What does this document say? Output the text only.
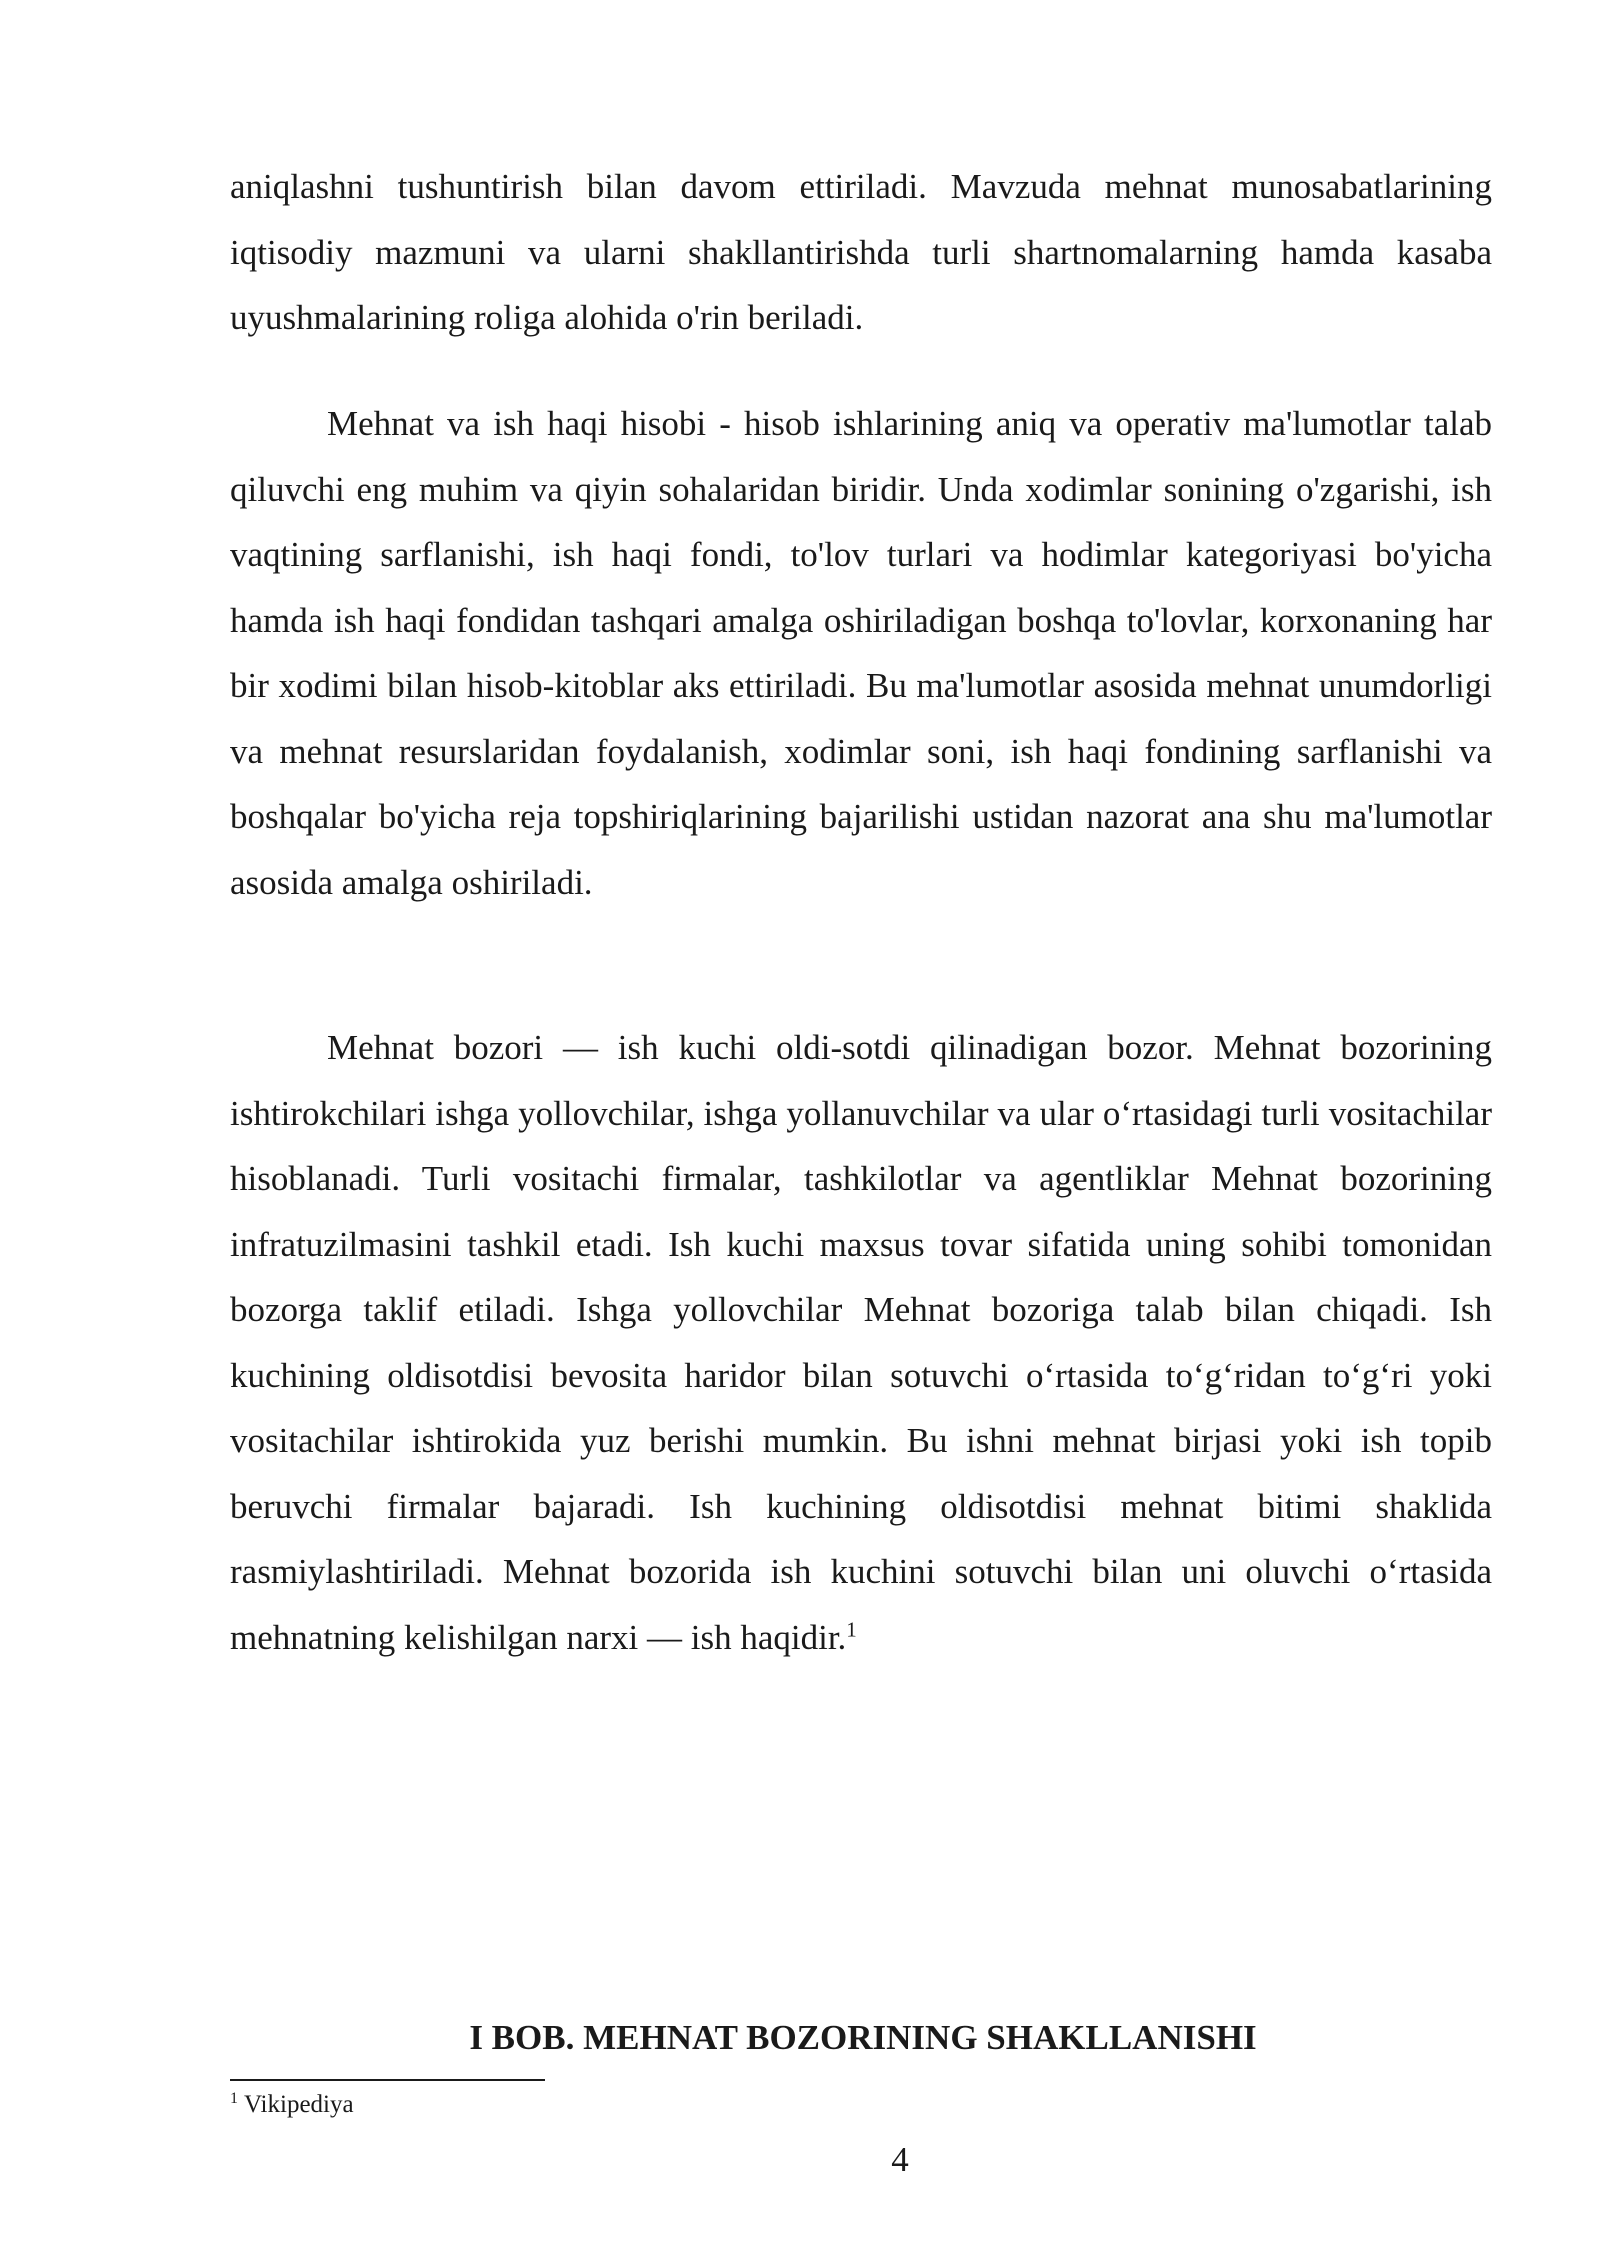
aniqlashni tushuntirish bilan davom ettiriladi. Mavzuda mehnat munosabatlarining iqtisodiy mazmuni va ularni shakllantirishda turli shartnomalarning hamda kasaba uyushmalarining roliga alohida o'rin beriladi.

Mehnat va ish haqi hisobi - hisob ishlarining aniq va operativ ma'lumotlar talab qiluvchi eng muhim va qiyin sohalaridan biridir. Unda xodimlar sonining o'zgarishi, ish vaqtining sarflanishi, ish haqi fondi, to'lov turlari va hodimlar kategoriyasi bo'yicha hamda ish haqi fondidan tashqari amalga oshiriladigan boshqa to'lovlar, korxonaning har bir xodimi bilan hisob-kitoblar aks ettiriladi. Bu ma'lumotlar asosida mehnat unumdorligi va mehnat resurslaridan foydalanish, xodimlar soni, ish haqi fondining sarflanishi va boshqalar bo'yicha reja topshiriqlarining bajarilishi ustidan nazorat ana shu ma'lumotlar asosida amalga oshiriladi.

Mehnat bozori — ish kuchi oldi-sotdi qilinadigan bozor. Mehnat bozorining ishtirokchilari ishga yollovchilar, ishga yollanuvchilar va ular o‘rtasidagi turli vositachilar hisoblanadi. Turli vositachi firmalar, tashkilotlar va agentliklar Mehnat bozorining infratuzilmasini tashkil etadi. Ish kuchi maxsus tovar sifatida uning sohibi tomonidan bozorga taklif etiladi. Ishga yollovchilar Mehnat bozoriga talab bilan chiqadi. Ish kuchining oldisotdisi bevosita haridor bilan sotuvchi o‘rtasida to‘g‘ridan to‘g‘ri yoki vositachilar ishtirokida yuz berishi mumkin. Bu ishni mehnat birjasi yoki ish topib beruvchi firmalar bajaradi. Ish kuchining oldisotdisi mehnat bitimi shaklida rasmiylashtiriladi. Mehnat bozorida ish kuchini sotuvchi bilan uni oluvchi o‘rtasida mehnatning kelishilgan narxi — ish haqidir.$^1$

I BOB. MEHNAT BOZORINING SHAKLLANISHI
$^1$ Vikipediya
4
